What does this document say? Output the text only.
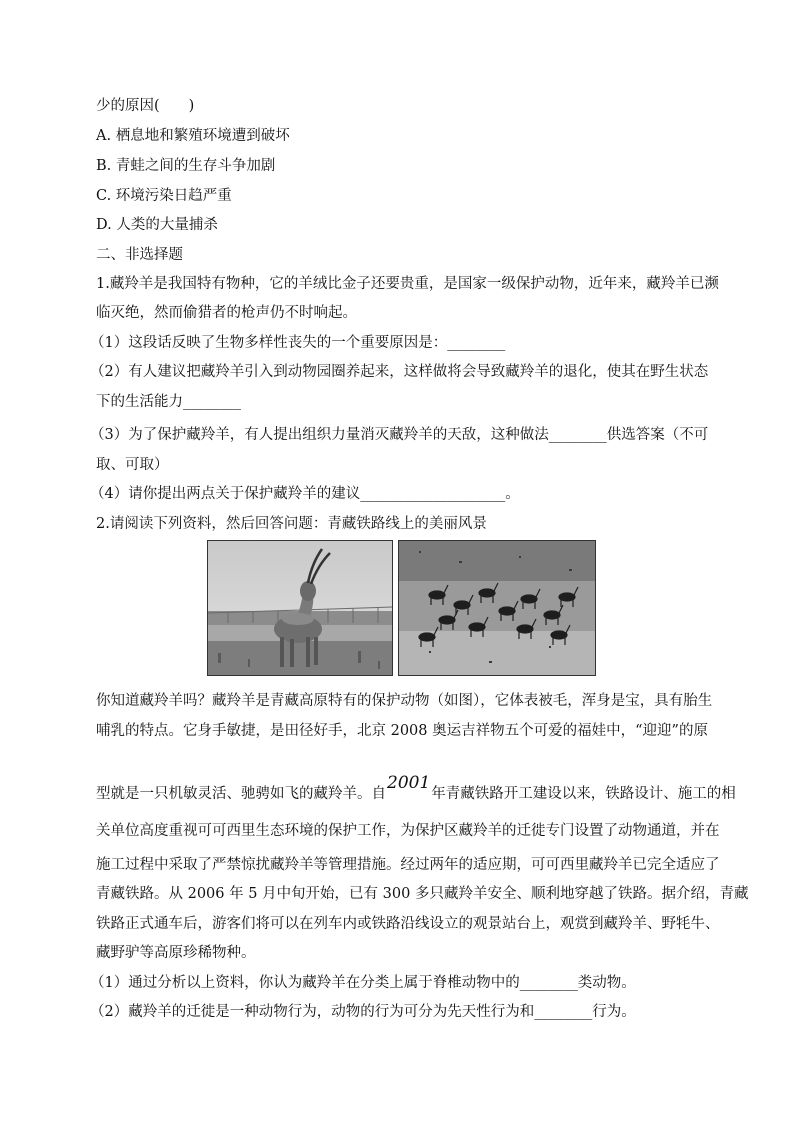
少的原因(　　)
A. 栖息地和繁殖环境遭到破坏
B. 青蛙之间的生存斗争加剧
C. 环境污染日趋严重
D. 人类的大量捕杀
二、非选择题
1.藏羚羊是我国特有物种，它的羊绒比金子还要贵重，是国家一级保护动物，近年来，藏羚羊已濒
临灭绝，然而偷猎者的枪声仍不时响起。
（1）这段话反映了生物多样性丧失的一个重要原因是：________
（2）有人建议把藏羚羊引入到动物园圈养起来，这样做将会导致藏羚羊的退化，使其在野生状态
下的生活能力________
（3）为了保护藏羚羊，有人提出组织力量消灭藏羚羊的天敌，这种做法________供选答案（不可
取、可取）
（4）请你提出两点关于保护藏羚羊的建议____________________。
2.请阅读下列资料，然后回答问题：青藏铁路线上的美丽风景
你知道藏羚羊吗？藏羚羊是青藏高原特有的保护动物（如图），它体表被毛，浑身是宝，具有胎生
哺乳的特点。它身手敏捷，是田径好手，北京 2008 奥运吉祥物五个可爱的福娃中，“迎迎”的原
型就是一只机敏灵活、驰骋如飞的藏羚羊。自2001年青藏铁路开工建设以来，铁路设计、施工的相
关单位高度重视可可西里生态环境的保护工作，为保护区藏羚羊的迁徙专门设置了动物通道，并在
施工过程中采取了严禁惊扰藏羚羊等管理措施。经过两年的适应期，可可西里藏羚羊已完全适应了
青藏铁路。从 2006 年 5 月中旬开始，已有 300 多只藏羚羊安全、顺利地穿越了铁路。据介绍，青藏
铁路正式通车后，游客们将可以在列车内或铁路沿线设立的观景站台上，观赏到藏羚羊、野牦牛、
藏野驴等高原珍稀物种。
（1）通过分析以上资料，你认为藏羚羊在分类上属于脊椎动物中的________类动物。
（2）藏羚羊的迁徙是一种动物行为，动物的行为可分为先天性行为和________行为。
